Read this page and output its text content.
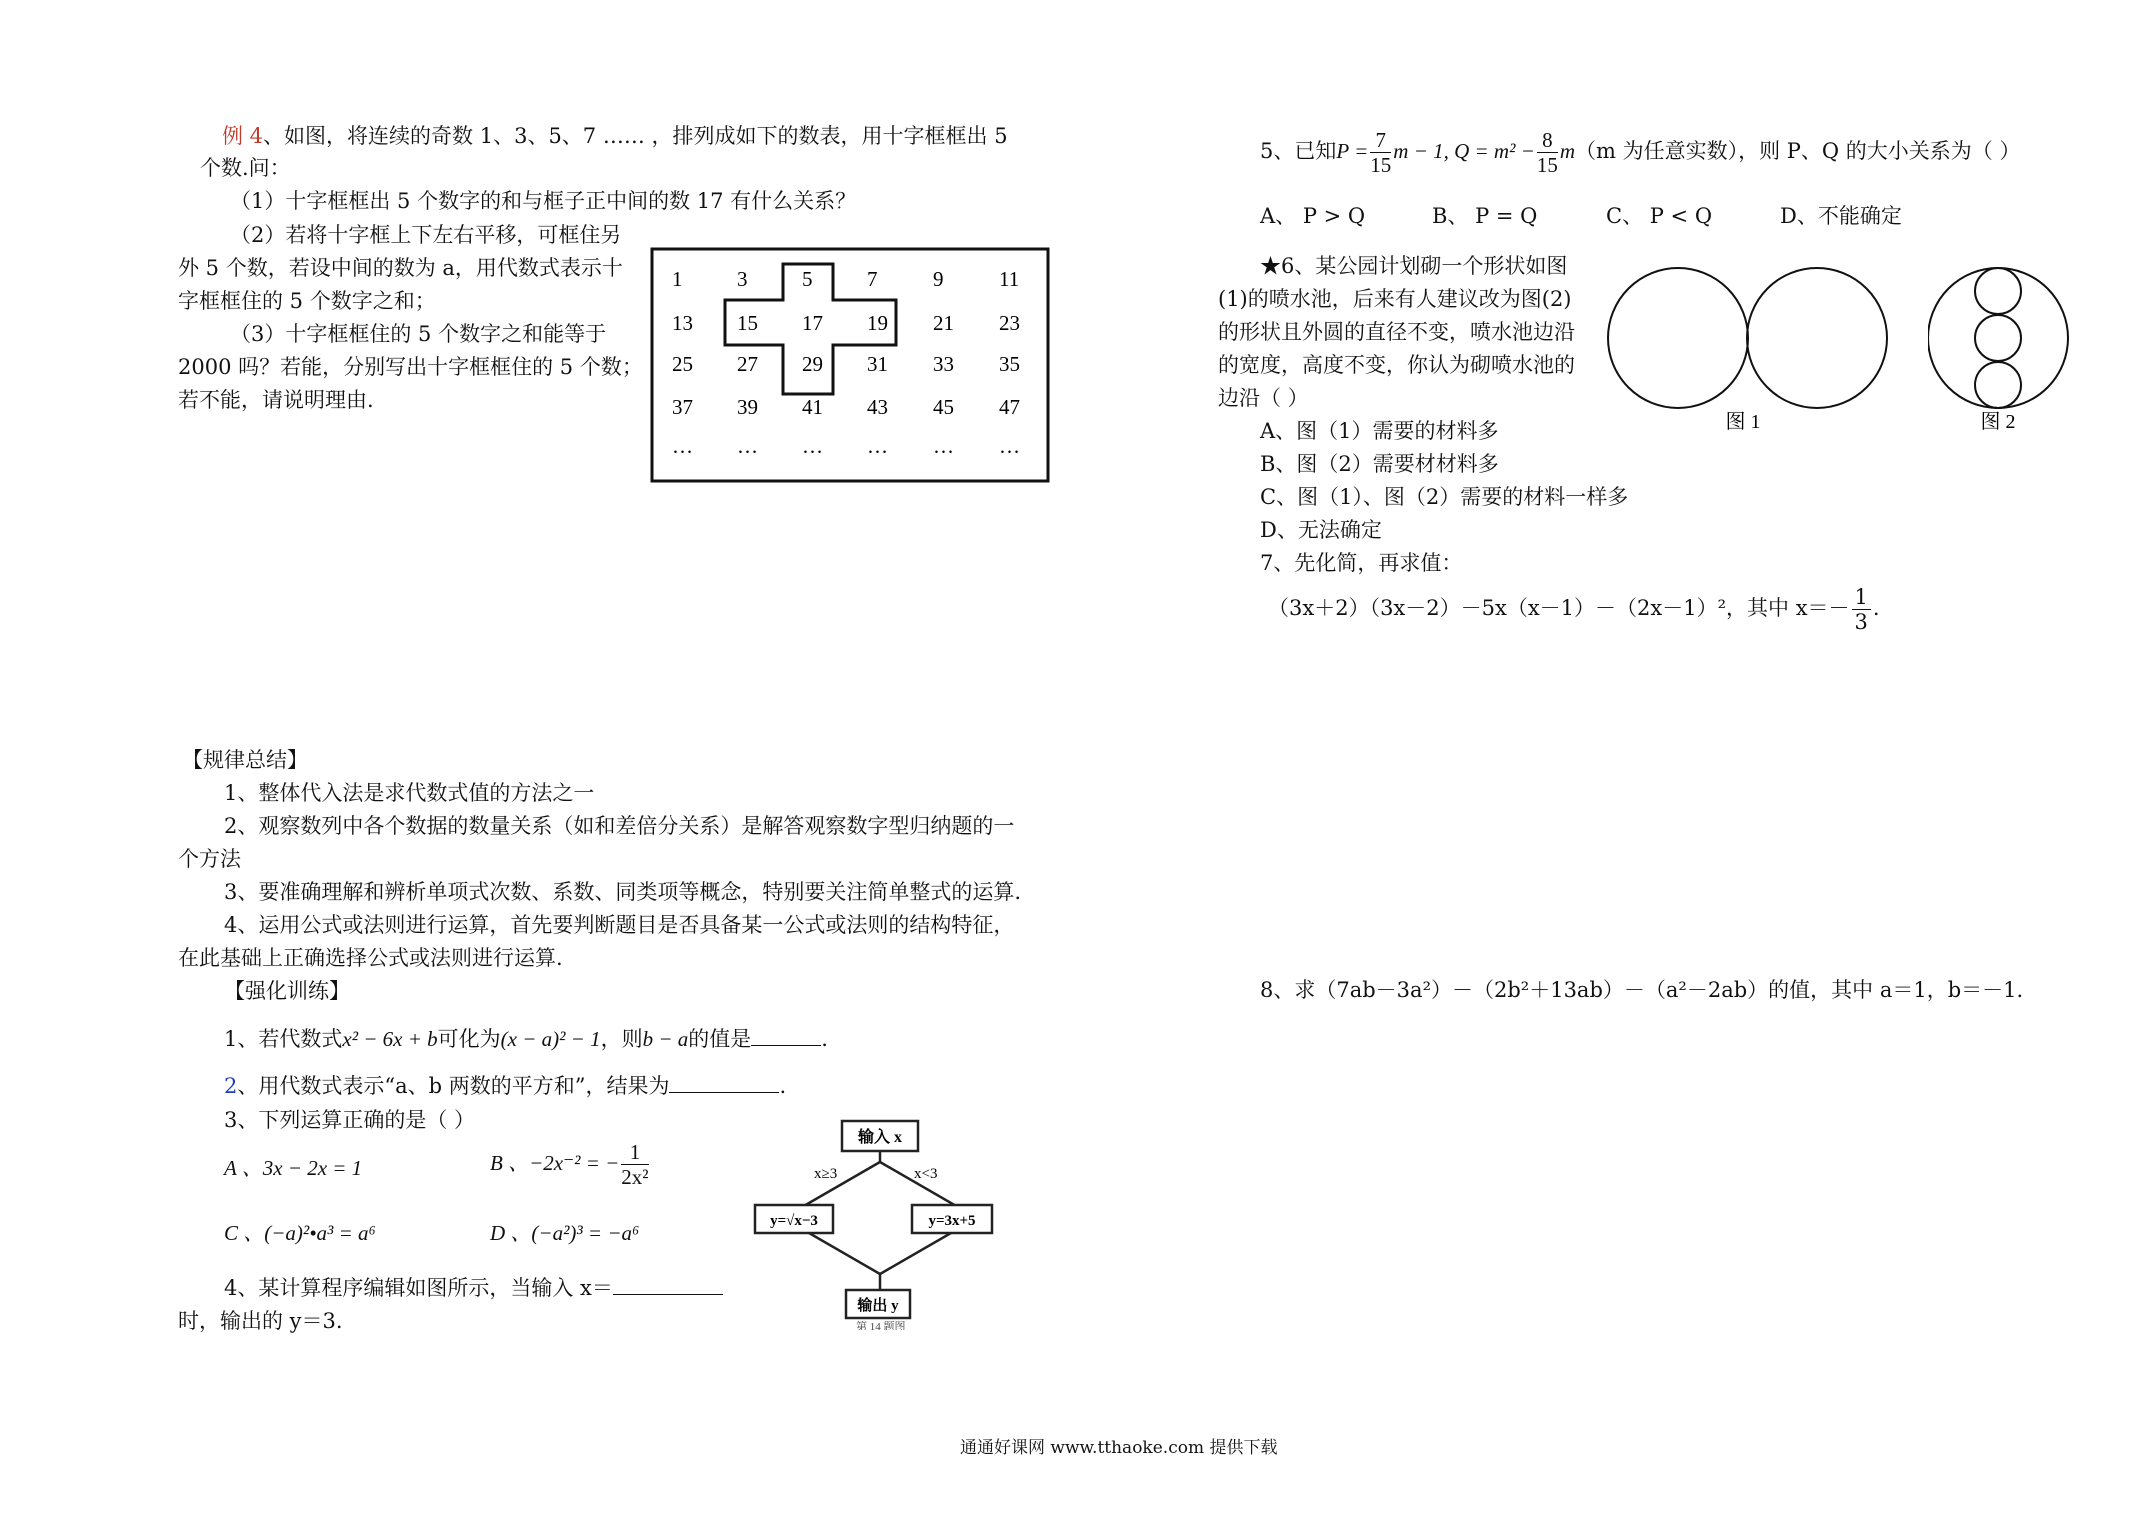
例 4、如图，将连续的奇数 1、3、5、7 …… ，排列成如下的数表，用十字框框出 5
个数.问：
（1）十字框框出 5 个数字的和与框子正中间的数 17 有什么关系？
（2）若将十字框上下左右平移，可框住另
外 5 个数，若设中间的数为 a，用代数式表示十
字框框住的 5 个数字之和；
（3）十字框框住的 5 个数字之和能等于
2000 吗？若能，分别写出十字框框住的 5 个数；
若不能，请说明理由.
1	3	5	7	9	11
13 15 17 19 21 23
25 27 29 31 33 35
37 39 41 43 45 47
… … … … … …
【规律总结】
1、整体代入法是求代数式值的方法之一
2、观察数列中各个数据的数量关系（如和差倍分关系）是解答观察数字型归纳题的一
个方法
3、要准确理解和辨析单项式次数、系数、同类项等概念，特别要关注简单整式的运算.
4、运用公式或法则进行运算，首先要判断题目是否具备某一公式或法则的结构特征，
在此基础上正确选择公式或法则进行运算.
【强化训练】
1、若代数式x² − 6x + b可化为(x − a)² − 1，则b − a的值是	.
2、用代数式表示“a、b 两数的平方和”，结果为	.
3、下列运算正确的是（ ）
A 、3x − 2x = 1	B 、−2x⁻² = − $\frac{1}{\text{2x²}}$
C 、(−a)²•a³ = a⁶	D 、(−a²)³ = −a⁶
4、某计算程序编辑如图所示，当输入 x＝
时，输出的 y＝3.
输入 x
x≥3	x<3
y=√x−3	y=3x+5
输出 y
第 14 题图
5、已知$P = \frac{7}{15}$ m − 1, $Q = m^2 - \frac{8}{15} m(m$ 为任意实数），则 P、Q 的大小关系为（ ）
A、 P > Q	B、 P = Q	C、 P < Q	D、不能确定
★6、某公园计划砌一个形状如图
(1)的喷水池，后来有人建议改为图(2)
的形状且外圆的直径不变，喷水池边沿
的宽度，高度不变，你认为砌喷水池的
边沿（ ）
A、图（1）需要的材料多
B、图（2）需要材材料多
C、图（1）、图（2）需要的材料一样多
D、无法确定
图 1	图 2
7、先化简，再求值：
（3x＋2）（3x－2）－5x（x－1）－（2x－1）²，其中 $x=- \frac{1}{3}$ .
8、求（7ab－3a²）－（2b²＋13ab）－（a²－2ab）的值，其中 a＝1，b＝－1.
通通好课网 www.tthaoke.com 提供下载
